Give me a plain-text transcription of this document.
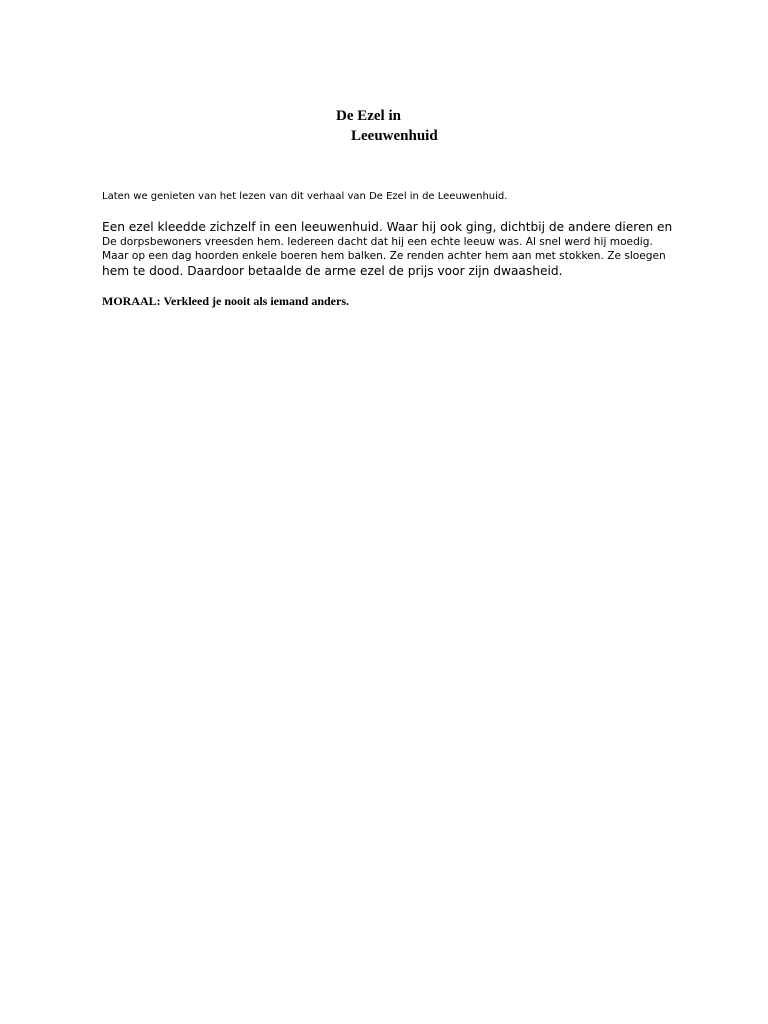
De Ezel in
Leeuwenhuid

Laten we genieten van het lezen van dit verhaal van De Ezel in de Leeuwenhuid.

Een ezel kleedde zichzelf in een leeuwenhuid. Waar hij ook ging, dichtbij de andere dieren en
De dorpsbewoners vreesden hem. Iedereen dacht dat hij een echte leeuw was. Al snel werd hij moedig.
Maar op een dag hoorden enkele boeren hem balken. Ze renden achter hem aan met stokken. Ze sloegen
hem te dood. Daardoor betaalde de arme ezel de prijs voor zijn dwaasheid.

MORAAL: Verkleed je nooit als iemand anders.
